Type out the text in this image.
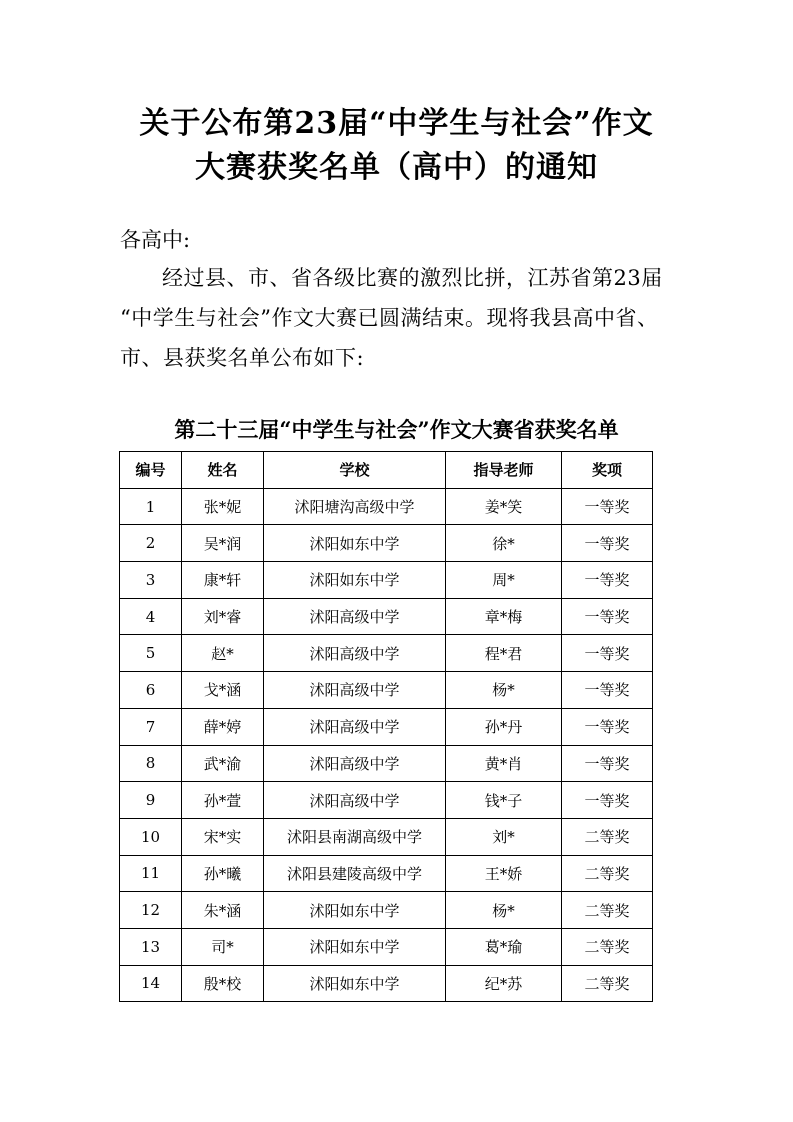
关于公布第23届“中学生与社会”作文
大赛获奖名单（高中）的通知
各高中:
经过县、市、省各级比赛的激烈比拼，江苏省第23届
“中学生与社会”作文大赛已圆满结束。现将我县高中省、
市、县获奖名单公布如下:
第二十三届“中学生与社会”作文大赛省获奖名单
编号	姓名	学校	指导老师	奖项
1	张*妮	沭阳塘沟高级中学	姜*笑	一等奖
2	吴*润	沭阳如东中学	徐*	一等奖
3	康*轩	沭阳如东中学	周*	一等奖
4	刘*睿	沭阳高级中学	章*梅	一等奖
5	赵*	沭阳高级中学	程*君	一等奖
6	戈*涵	沭阳高级中学	杨*	一等奖
7	薛*婷	沭阳高级中学	孙*丹	一等奖
8	武*渝	沭阳高级中学	黄*肖	一等奖
9	孙*萱	沭阳高级中学	钱*子	一等奖
10	宋*实	沭阳县南湖高级中学	刘*	二等奖
11	孙*曦	沭阳县建陵高级中学	王*娇	二等奖
12	朱*涵	沭阳如东中学	杨*	二等奖
13	司*	沭阳如东中学	葛*瑜	二等奖
14	殷*校	沭阳如东中学	纪*苏	二等奖
